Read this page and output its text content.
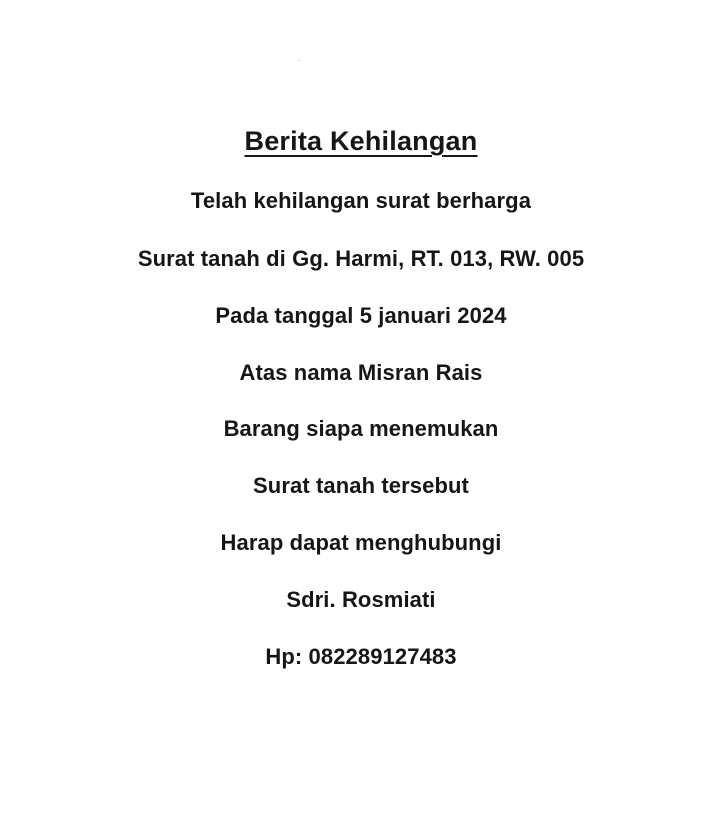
Berita Kehilangan

Telah kehilangan surat berharga

Surat tanah di Gg. Harmi, RT. 013, RW. 005

Pada tanggal 5 januari 2024

Atas nama Misran Rais

Barang siapa menemukan

Surat tanah tersebut

Harap dapat menghubungi

Sdri. Rosmiati

Hp: 082289127483
